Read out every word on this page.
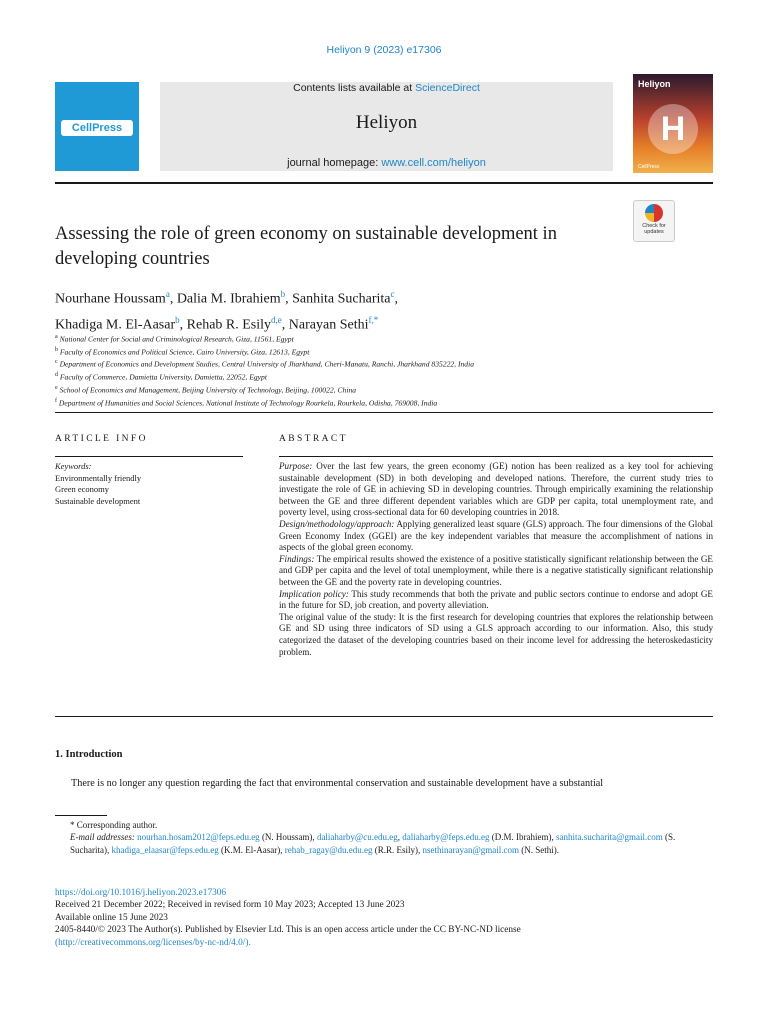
Heliyon 9 (2023) e17306
CellPress
Contents lists available at ScienceDirect
Heliyon
journal homepage: www.cell.com/heliyon
Heliyon
H
CellPress
Check for updates
Assessing the role of green economy on sustainable development in developing countries
Nourhane Houssam$^a$, Dalia M. Ibrahiem$^b$, Sanhita Sucharita$^c$,
Khadiga M. El-Aasar$^b$, Rehab R. Esily$^{d,e}$, Narayan Sethi$^{f,*}$
$^a$ National Center for Social and Criminological Research, Giza, 11561, Egypt
$^b$ Faculty of Economics and Political Science, Cairo University, Giza, 12613, Egypt
$^c$ Department of Economics and Development Studies, Central University of Jharkhand, Cheri-Manatu, Ranchi, Jharkhand 835222, India
$^d$ Faculty of Commerce, Damietta University, Damietta, 22052, Egypt
$^e$ School of Economics and Management, Beijing University of Technology, Beijing, 100022, China
$^f$ Department of Humanities and Social Sciences, National Institute of Technology Rourkela, Rourkela, Odisha, 769008, India
ARTICLE INFO	ABSTRACT
Keywords:
Environmentally friendly
Green economy
Sustainable development

Purpose: Over the last few years, the green economy (GE) notion has been realized as a key tool for achieving sustainable development (SD) in both developing and developed nations. Therefore, the current study tries to investigate the role of GE in achieving SD in developing countries. Through empirically examining the relationship between the GE and three different dependent variables which are GDP per capita, total unemployment rate, and poverty level, using cross-sectional data for 60 developing countries in 2018.

Design/methodology/approach: Applying generalized least square (GLS) approach. The four dimensions of the Global Green Economy Index (GGEI) are the key independent variables that measure the accomplishment of nations in aspects of the global green economy.

Findings: The empirical results showed the existence of a positive statistically significant relationship between the GE and GDP per capita and the level of total unemployment, while there is a negative statistically significant relationship between the GE and the poverty rate in developing countries.

Implication policy: This study recommends that both the private and public sectors continue to endorse and adopt GE in the future for SD, job creation, and poverty alleviation.

The original value of the study: It is the first research for developing countries that explores the relationship between GE and SD using three indicators of SD using a GLS approach according to our information. Also, this study categorized the dataset of the developing countries based on their income level for addressing the heteroskedasticity problem.

1. Introduction
There is no longer any question regarding the fact that environmental conservation and sustainable development have a substantial
* Corresponding author.
E-mail addresses: nourhan.hosam2012@feps.edu.eg (N. Houssam), daliaharby@cu.edu.eg, daliaharby@feps.edu.eg (D.M. Ibrahiem), sanhita.sucharita@gmail.com (S. Sucharita), khadiga_elaasar@feps.edu.eg (K.M. El-Aasar), rehab_ragay@du.edu.eg (R.R. Esily), nsethinarayan@gmail.com (N. Sethi).
https://doi.org/10.1016/j.heliyon.2023.e17306
Received 21 December 2022; Received in revised form 10 May 2023; Accepted 13 June 2023
Available online 15 June 2023
2405-8440/© 2023 The Author(s). Published by Elsevier Ltd. This is an open access article under the CC BY-NC-ND license
(http://creativecommons.org/licenses/by-nc-nd/4.0/).
